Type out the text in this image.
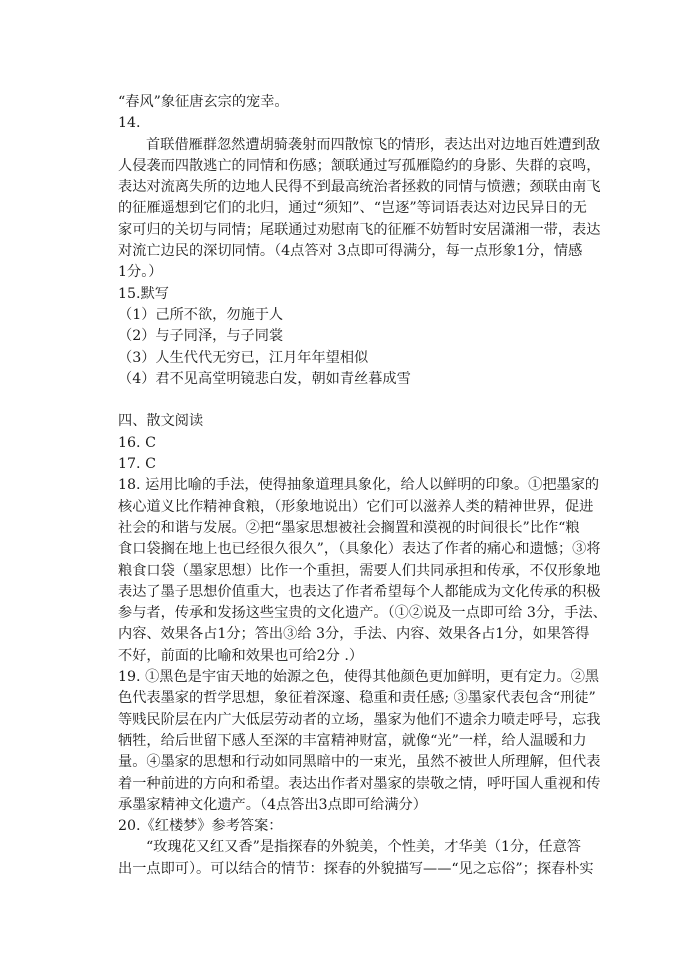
“春风”象征唐玄宗的宠幸。
14.
首联借雁群忽然遭胡骑袭射而四散惊飞的情形，表达出对边地百姓遭到敌
人侵袭而四散逃亡的同情和伤感；颔联通过写孤雁隐约的身影、失群的哀鸣，
表达对流离失所的边地人民得不到最高统治者拯救的同情与愤懑；颈联由南飞
的征雁遥想到它们的北归，通过“须知”、“岂逐”等词语表达对边民异日的无
家可归的关切与同情；尾联通过劝慰南飞的征雁不妨暂时安居潇湘一带，表达
对流亡边民的深切同情。（4点答对 3点即可得满分，每一点形象1分，情感
1分。）
15.默写
（1）己所不欲，勿施于人
（2）与子同泽，与子同裳
（3）人生代代无穷已，江月年年望相似
（4）君不见高堂明镜悲白发，朝如青丝暮成雪
四、散文阅读
16. C
17. C
18. 运用比喻的手法，使得抽象道理具象化，给人以鲜明的印象。①把墨家的
核心道义比作精神食粮，（形象地说出）它们可以滋养人类的精神世界，促进
社会的和谐与发展。②把“墨家思想被社会搁置和漠视的时间很长”比作“粮
食口袋搁在地上也已经很久很久”，（具象化）表达了作者的痛心和遗憾；③将
粮食口袋（墨家思想）比作一个重担，需要人们共同承担和传承，不仅形象地
表达了墨子思想价值重大，也表达了作者希望每个人都能成为文化传承的积极
参与者，传承和发扬这些宝贵的文化遗产。（①②说及一点即可给 3分，手法、
内容、效果各占1分；答出③给 3分，手法、内容、效果各占1分，如果答得
不好，前面的比喻和效果也可给2分 .）
19. ①黑色是宇宙天地的始源之色，使得其他颜色更加鲜明，更有定力。②黑
色代表墨家的哲学思想，象征着深邃、稳重和责任感; ③墨家代表包含“刑徒”
等贱民阶层在内广大低层劳动者的立场，墨家为他们不遗余力喷走呼号，忘我
牺牲，给后世留下感人至深的丰富精神财富，就像“光”一样，给人温暖和力
量。④墨家的思想和行动如同黑暗中的一束光，虽然不被世人所理解，但代表
着一种前进的方向和希望。表达出作者对墨家的崇敬之情，呼吁国人重视和传
承墨家精神文化遗产。（4点答出3点即可给满分）
20.《红楼梦》参考答案：
“玫瑰花又红又香”是指探春的外貌美，个性美，才华美（1分，任意答
出一点即可）。可以结合的情节：探春的外貌描写——“见之忘俗”；探春朴实
